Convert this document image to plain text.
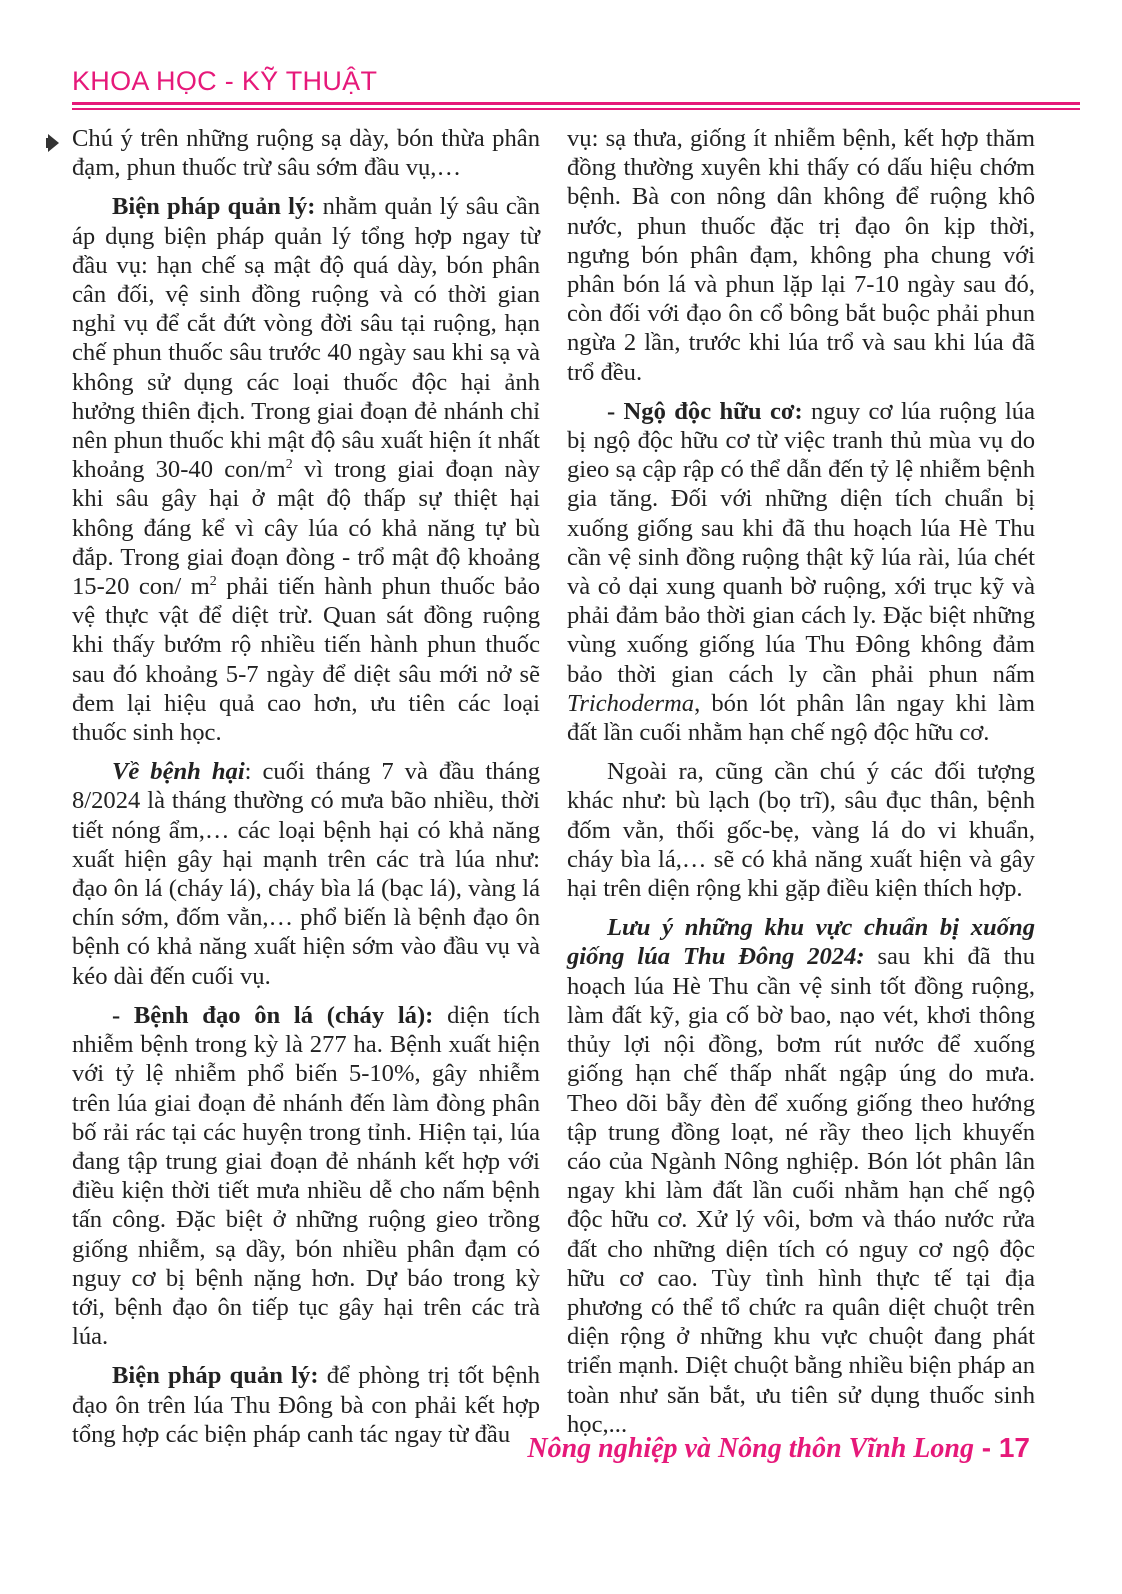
KHOA HỌC - KỸ THUẬT

Chú ý trên những ruộng sạ dày, bón thừa phân đạm, phun thuốc trừ sâu sớm đầu vụ,…

Biện pháp quản lý: nhằm quản lý sâu cần áp dụng biện pháp quản lý tổng hợp ngay từ đầu vụ: hạn chế sạ mật độ quá dày, bón phân cân đối, vệ sinh đồng ruộng và có thời gian nghỉ vụ để cắt đứt vòng đời sâu tại ruộng, hạn chế phun thuốc sâu trước 40 ngày sau khi sạ và không sử dụng các loại thuốc độc hại ảnh hưởng thiên địch. Trong giai đoạn đẻ nhánh chỉ nên phun thuốc khi mật độ sâu xuất hiện ít nhất khoảng 30-40 con/$m^2$ vì trong giai đoạn này khi sâu gây hại ở mật độ thấp sự thiệt hại không đáng kể vì cây lúa có khả năng tự bù đắp. Trong giai đoạn đòng - trổ mật độ khoảng 15-20 con/ $m^2$ phải tiến hành phun thuốc bảo vệ thực vật để diệt trừ. Quan sát đồng ruộng khi thấy bướm rộ nhiều tiến hành phun thuốc sau đó khoảng 5-7 ngày để diệt sâu mới nở sẽ đem lại hiệu quả cao hơn, ưu tiên các loại thuốc sinh học.

Về bệnh hại: cuối tháng 7 và đầu tháng 8/2024 là tháng thường có mưa bão nhiều, thời tiết nóng ẩm,… các loại bệnh hại có khả năng xuất hiện gây hại mạnh trên các trà lúa như: đạo ôn lá (cháy lá), cháy bìa lá (bạc lá), vàng lá chín sớm, đốm vằn,… phổ biến là bệnh đạo ôn bệnh có khả năng xuất hiện sớm vào đầu vụ và kéo dài đến cuối vụ.

- Bệnh đạo ôn lá (cháy lá): diện tích nhiễm bệnh trong kỳ là 277 ha. Bệnh xuất hiện với tỷ lệ nhiễm phổ biến 5-10%, gây nhiễm trên lúa giai đoạn đẻ nhánh đến làm đòng phân bố rải rác tại các huyện trong tỉnh. Hiện tại, lúa đang tập trung giai đoạn đẻ nhánh kết hợp với điều kiện thời tiết mưa nhiều dễ cho nấm bệnh tấn công. Đặc biệt ở những ruộng gieo trồng giống nhiễm, sạ dầy, bón nhiều phân đạm có nguy cơ bị bệnh nặng hơn. Dự báo trong kỳ tới, bệnh đạo ôn tiếp tục gây hại trên các trà lúa.

Biện pháp quản lý: để phòng trị tốt bệnh đạo ôn trên lúa Thu Đông bà con phải kết hợp tổng hợp các biện pháp canh tác ngay từ đầu

vụ: sạ thưa, giống ít nhiễm bệnh, kết hợp thăm đồng thường xuyên khi thấy có dấu hiệu chớm bệnh. Bà con nông dân không để ruộng khô nước, phun thuốc đặc trị đạo ôn kịp thời, ngưng bón phân đạm, không pha chung với phân bón lá và phun lặp lại 7-10 ngày sau đó, còn đối với đạo ôn cổ bông bắt buộc phải phun ngừa 2 lần, trước khi lúa trổ và sau khi lúa đã trổ đều.

- Ngộ độc hữu cơ: nguy cơ lúa ruộng lúa bị ngộ độc hữu cơ từ việc tranh thủ mùa vụ do gieo sạ cập rập có thể dẫn đến tỷ lệ nhiễm bệnh gia tăng. Đối với những diện tích chuẩn bị xuống giống sau khi đã thu hoạch lúa Hè Thu cần vệ sinh đồng ruộng thật kỹ lúa rài, lúa chét và cỏ dại xung quanh bờ ruộng, xới trục kỹ và phải đảm bảo thời gian cách ly. Đặc biệt những vùng xuống giống lúa Thu Đông không đảm bảo thời gian cách ly cần phải phun nấm Trichoderma, bón lót phân lân ngay khi làm đất lần cuối nhằm hạn chế ngộ độc hữu cơ.

Ngoài ra, cũng cần chú ý các đối tượng khác như: bù lạch (bọ trĩ), sâu đục thân, bệnh đốm vằn, thối gốc-bẹ, vàng lá do vi khuẩn, cháy bìa lá,… sẽ có khả năng xuất hiện và gây hại trên diện rộng khi gặp điều kiện thích hợp.

Lưu ý những khu vực chuẩn bị xuống giống lúa Thu Đông 2024: sau khi đã thu hoạch lúa Hè Thu cần vệ sinh tốt đồng ruộng, làm đất kỹ, gia cố bờ bao, nạo vét, khơi thông thủy lợi nội đồng, bơm rút nước để xuống giống hạn chế thấp nhất ngập úng do mưa. Theo dõi bẫy đèn để xuống giống theo hướng tập trung đồng loạt, né rầy theo lịch khuyến cáo của Ngành Nông nghiệp. Bón lót phân lân ngay khi làm đất lần cuối nhằm hạn chế ngộ độc hữu cơ. Xử lý vôi, bơm và tháo nước rửa đất cho những diện tích có nguy cơ ngộ độc hữu cơ cao. Tùy tình hình thực tế tại địa phương có thể tổ chức ra quân diệt chuột trên diện rộng ở những khu vực chuột đang phát triển mạnh. Diệt chuột bằng nhiều biện pháp an toàn như săn bắt, ưu tiên sử dụng thuốc sinh học,...

Nông nghiệp và Nông thôn Vĩnh Long - 17
